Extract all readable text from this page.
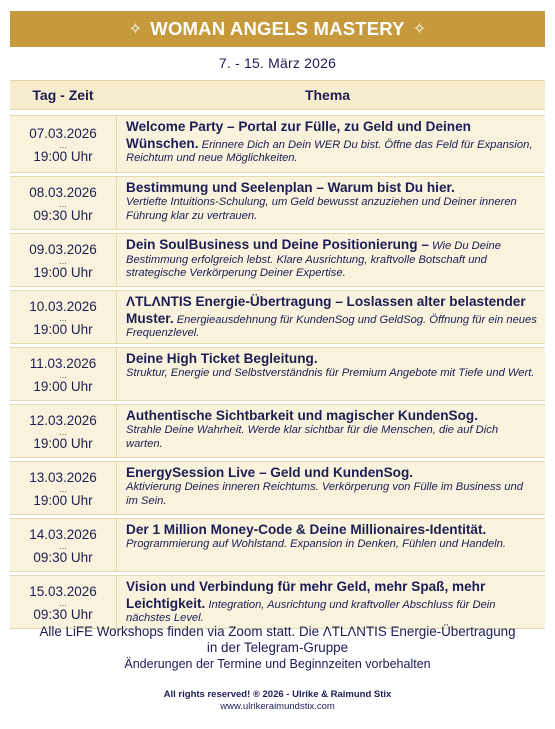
✧ WOMAN ANGELS MASTERY ✧
7. - 15. März 2026
Tag - Zeit	Thema
07.03.2026
...
19:00 Uhr
Welcome Party – Portal zur Fülle, zu Geld und Deinen Wünschen. Erinnere Dich an Dein WER Du bist. Öffne das Feld für Expansion, Reichtum und neue Möglichkeiten.
08.03.2026
...
09:30 Uhr
Bestimmung und Seelenplan – Warum bist Du hier.
Vertiefte Intuitions-Schulung, um Geld bewusst anzuziehen und Deiner inneren Führung klar zu vertrauen.
09.03.2026
...
19:00 Uhr
Dein SoulBusiness und Deine Positionierung – Wie Du Deine Bestimmung erfolgreich lebst. Klare Ausrichtung, kraftvolle Botschaft und strategische Verkörperung Deiner Expertise.
10.03.2026
...
19:00 Uhr
ΛTLΛNTIS Energie-Übertragung – Loslassen alter belastender Muster. Energieausdehnung für KundenSog und GeldSog. Öffnung für ein neues Frequenzlevel.
11.03.2026
...
19:00 Uhr
Deine High Ticket Begleitung.
Struktur, Energie und Selbstverständnis für Premium Angebote mit Tiefe und Wert.
12.03.2026
...
19:00 Uhr
Authentische Sichtbarkeit und magischer KundenSog.
Strahle Deine Wahrheit. Werde klar sichtbar für die Menschen, die auf Dich warten.
13.03.2026
...
19:00 Uhr
EnergySession Live – Geld und KundenSog.
Aktivierung Deines inneren Reichtums. Verkörperung von Fülle im Business und im Sein.
14.03.2026
...
09:30 Uhr
Der 1 Million Money-Code & Deine Millionaires-Identität.
Programmierung auf Wohlstand. Expansion in Denken, Fühlen und Handeln.
15.03.2026
...
09:30 Uhr
Vision und Verbindung für mehr Geld, mehr Spaß, mehr Leichtigkeit. Integration, Ausrichtung und kraftvoller Abschluss für Dein nächstes Level.
Alle LiFE Workshops finden via Zoom statt. Die ΛTLΛNTIS Energie-Übertragung
in der Telegram-Gruppe
Änderungen der Termine und Beginnzeiten vorbehalten
All rights reserved! ® 2026 - Ulrike & Raimund Stix
www.ulrikeraimundstix.com
